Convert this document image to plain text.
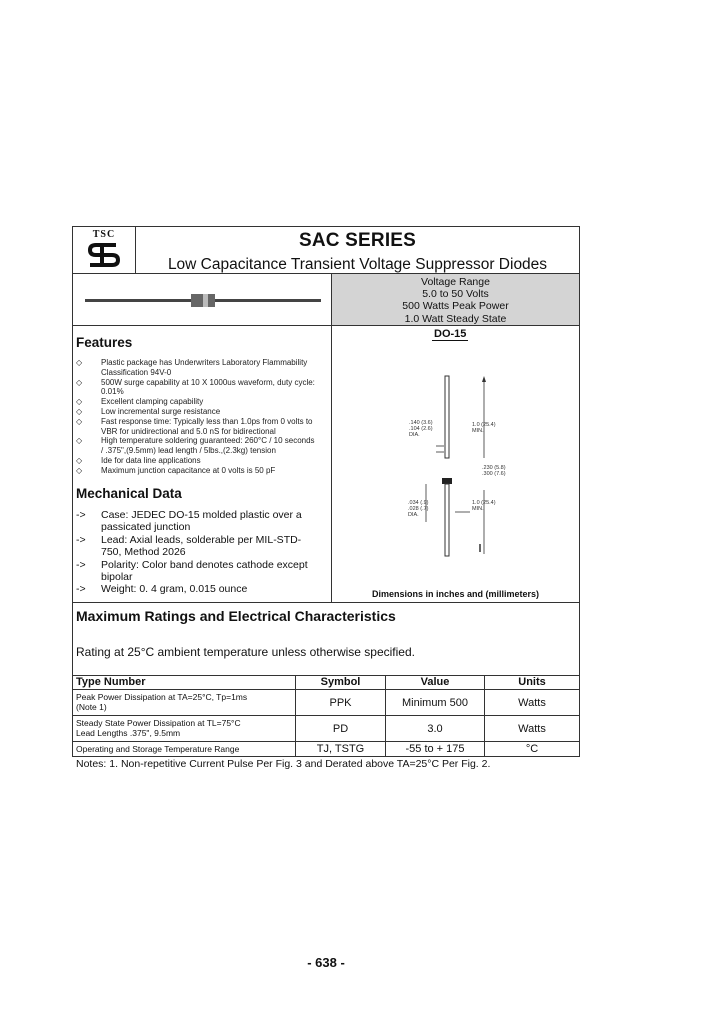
TSC	SAC SERIES
Low Capacitance Transient Voltage Suppressor Diodes
Voltage Range
5.0 to 50 Volts
500 Watts Peak Power
1.0 Watt Steady State
Features
◇ Plastic package has Underwriters Laboratory Flammability
Classification 94V-0
◇ 500W surge capability at 10 X 1000us waveform, duty cycle:
0.01%
◇ Excellent clamping capability
◇ Low incremental surge resistance
◇ Fast response time: Typically less than 1.0ps from 0 volts to
VBR for unidirectional and 5.0 nS for bidirectional
◇ High temperature soldering guaranteed: 260°C / 10 seconds
/ .375",(9.5mm) lead length / 5lbs.,(2.3kg) tension
◇ Ide for data line applications
◇ Maximum junction capacitance at 0 volts is 50 pF
Mechanical Data
-> Case: JEDEC DO-15 molded plastic over a
passicated junction
-> Lead: Axial leads, solderable per MIL-STD-
750, Method 2026
-> Polarity: Color band denotes cathode except
bipolar
-> Weight: 0. 4 gram, 0.015 ounce
DO-15
.140 (3.6)
.104 (2.6)
DIA.
1.0 (25.4)
MIN.
.230 (5.8)
.300 (7.6)
.034 (.9)
.028 (.7)
DIA.
1.0 (25.4)
MIN.
Dimensions in inches and (millimeters)
Maximum Ratings and Electrical Characteristics
Rating at 25°C ambient temperature unless otherwise specified.
Type Number	Symbol	Value	Units
Peak Power Dissipation at TA=25°C, Tp=1ms
(Note 1)	PPK	Minimum 500	Watts
Steady State Power Dissipation at TL=75°C
Lead Lengths .375", 9.5mm	PD	3.0	Watts
Operating and Storage Temperature Range	TJ, TSTG	-55 to + 175	°C
Notes: 1. Non-repetitive Current Pulse Per Fig. 3 and Derated above TA=25°C Per Fig. 2.
- 638 -
